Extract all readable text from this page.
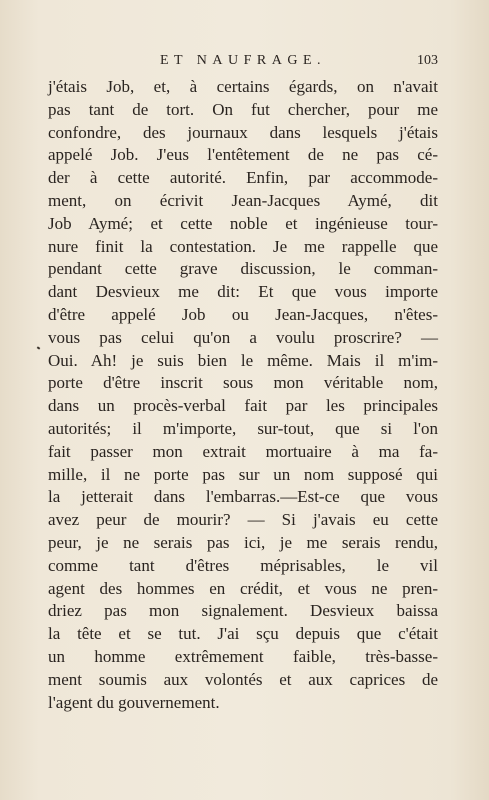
ET NAUFRAGE.	103
j'étais Job, et, à certains égards, on n'avait
pas tant de tort. On fut chercher, pour me
confondre, des journaux dans lesquels j'étais
appelé Job. J'eus l'entêtement de ne pas cé-
der à cette autorité. Enfin, par accommode-
ment, on écrivit Jean-Jacques Aymé, dit
Job Aymé; et cette noble et ingénieuse tour-
nure finit la contestation. Je me rappelle que
pendant cette grave discussion, le comman-
dant Desvieux me dit: Et que vous importe
d'être appelé Job ou Jean-Jacques, n'êtes-
vous pas celui qu'on a voulu proscrire? —
Oui. Ah! je suis bien le même. Mais il m'im-
porte d'être inscrit sous mon véritable nom,
dans un procès-verbal fait par les principales
autorités; il m'importe, sur-tout, que si l'on
fait passer mon extrait mortuaire à ma fa-
mille, il ne porte pas sur un nom supposé qui
la jetterait dans l'embarras.—Est-ce que vous
avez peur de mourir? — Si j'avais eu cette
peur, je ne serais pas ici, je me serais rendu,
comme tant d'êtres méprisables, le vil
agent des hommes en crédit, et vous ne pren-
driez pas mon signalement. Desvieux baissa
la tête et se tut. J'ai sçu depuis que c'était
un homme extrêmement faible, très-basse-
ment soumis aux volontés et aux caprices de
l'agent du gouvernement.
